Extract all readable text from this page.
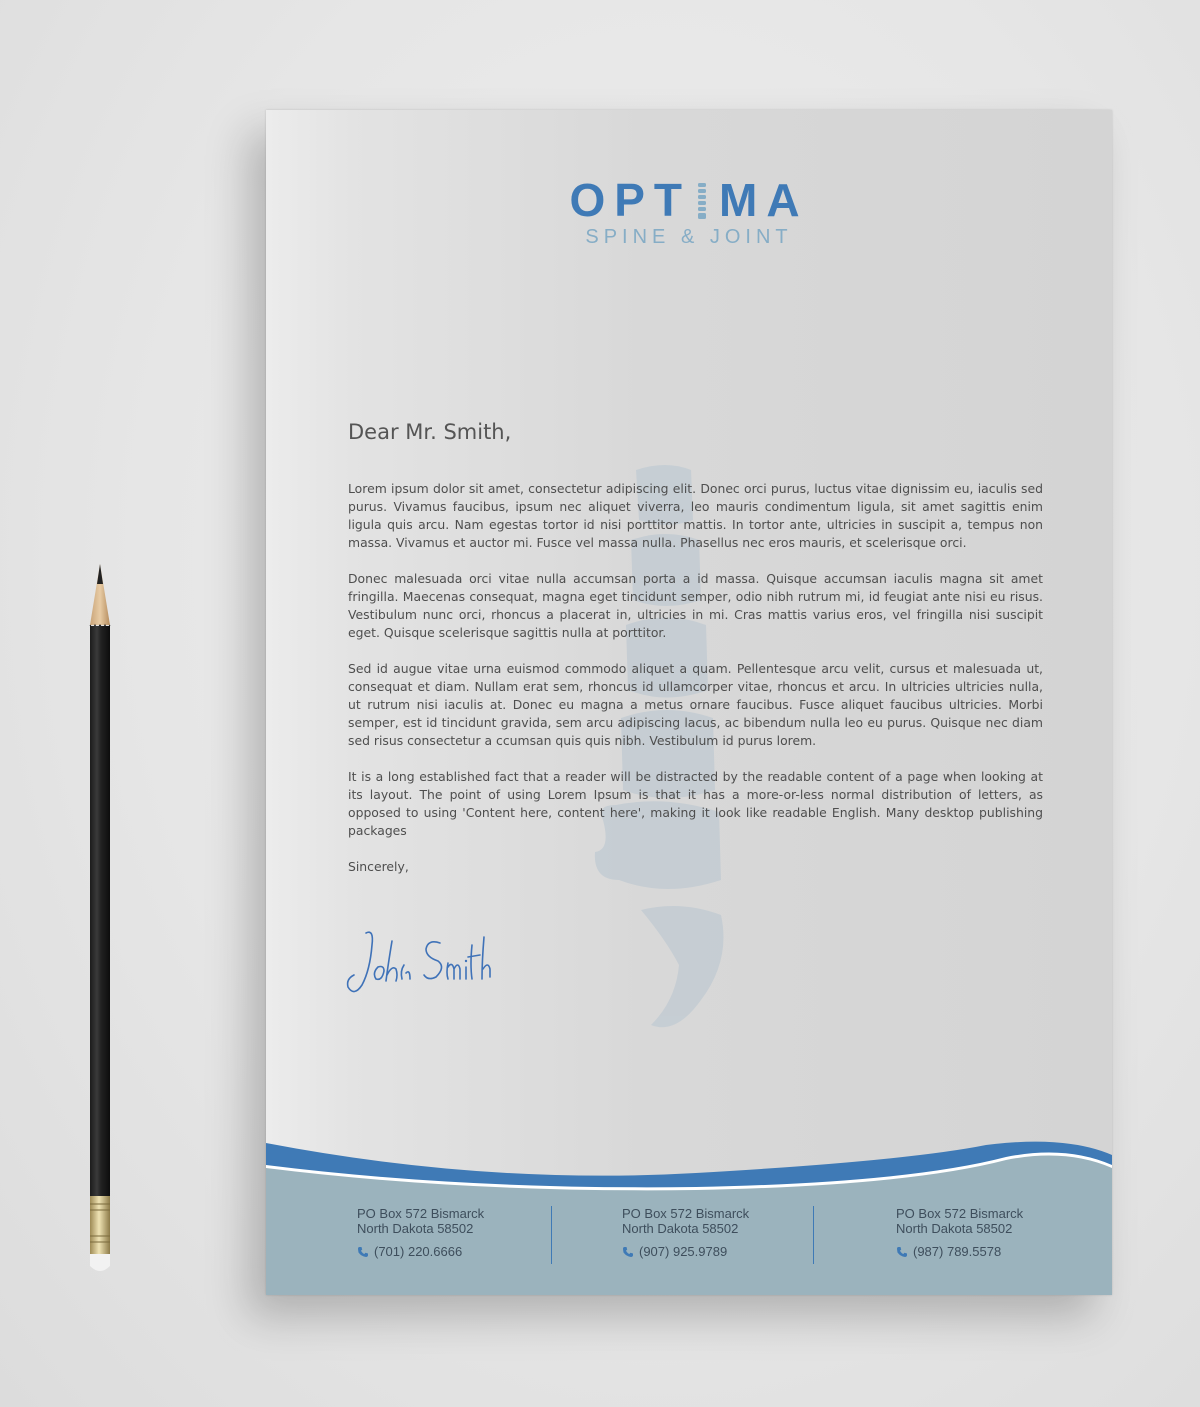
OPT MA
SPINE & JOINT
Dear Mr. Smith,

Lorem ipsum dolor sit amet, consectetur adipiscing elit. Donec orci purus, luctus vitae dignissim eu, iaculis sed purus. Vivamus faucibus, ipsum nec aliquet viverra, leo mauris condimentum ligula, sit amet sagittis enim ligula quis arcu. Nam egestas tortor id nisi porttitor mattis. In tortor ante, ultricies in suscipit a, tempus non massa. Vivamus et auctor mi. Fusce vel massa nulla. Phasellus nec eros mauris, et scelerisque orci.

Donec malesuada orci vitae nulla accumsan porta a id massa. Quisque accumsan iaculis magna sit amet fringilla. Maecenas consequat, magna eget tincidunt semper, odio nibh rutrum mi, id feugiat ante nisi eu risus. Vestibulum nunc orci, rhoncus a placerat in, ultricies in mi. Cras mattis varius eros, vel fringilla nisi suscipit eget. Quisque scelerisque sagittis nulla at porttitor.

Sed id augue vitae urna euismod commodo aliquet a quam. Pellentesque arcu velit, cursus et malesuada ut, consequat et diam. Nullam erat sem, rhoncus id ullamcorper vitae, rhoncus et arcu. In ultricies ultricies nulla, ut rutrum nisi iaculis at. Donec eu magna a metus ornare faucibus. Fusce aliquet faucibus ultricies. Morbi semper, est id tincidunt gravida, sem arcu adipiscing lacus, ac bibendum nulla leo eu purus. Quisque nec diam sed risus consectetur a ccumsan quis quis nibh. Vestibulum id purus lorem.

It is a long established fact that a reader will be distracted by the readable content of a page when looking at its layout. The point of using Lorem Ipsum is that it has a more-or-less normal distribution of letters, as opposed to using 'Content here, content here', making it look like readable English. Many desktop publishing packages

Sincerely,
PO Box 572 Bismarck
North Dakota 58502
(701) 220.6666
PO Box 572 Bismarck
North Dakota 58502
(907) 925.9789
PO Box 572 Bismarck
North Dakota 58502
(987) 789.5578
